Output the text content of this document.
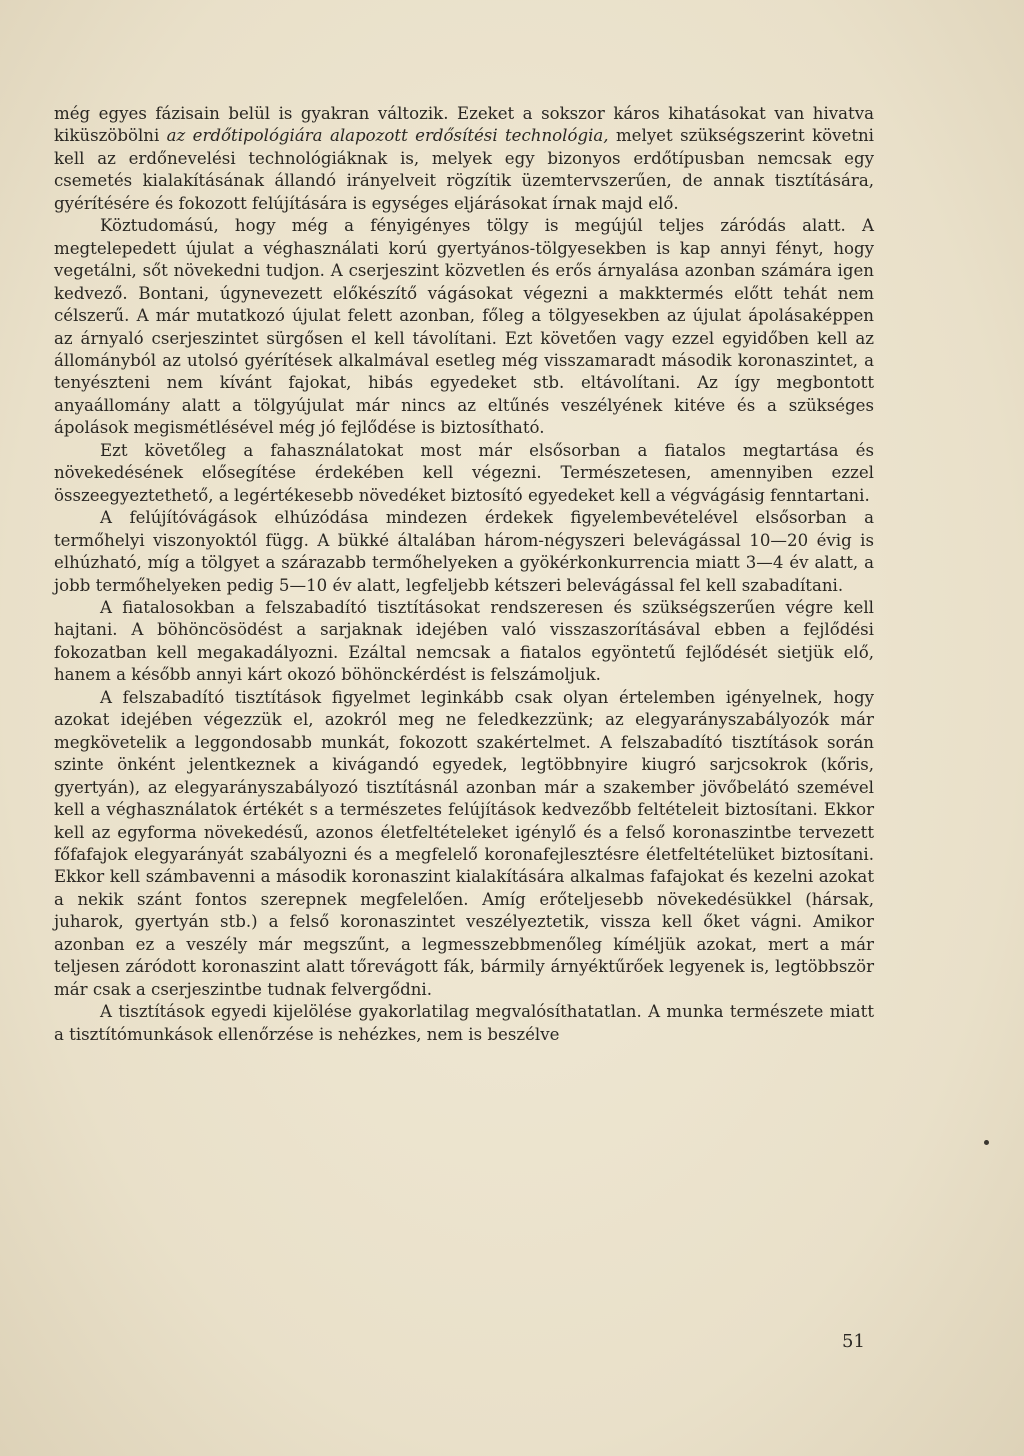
még egyes fázisain belül is gyakran változik. Ezeket a sokszor káros kihatásokat van hivatva kiküszöbölni az erdőtipológiára alapozott erdősítési technológia, melyet szükségszerint követni kell az erdőnevelési technológiáknak is, melyek egy bizonyos erdőtípusban nemcsak egy csemetés kialakításának állandó irányelveit rögzítik üzemtervszerűen, de annak tisztítására, gyérítésére és fokozott felújítására is egységes eljárásokat írnak majd elő.

Köztudomású, hogy még a fényigényes tölgy is megújúl teljes záródás alatt. A megtelepedett újulat a véghasználati korú gyertyános-tölgyesekben is kap annyi fényt, hogy vegetálni, sőt növekedni tudjon. A cserjeszint közvetlen és erős árnyalása azonban számára igen kedvező. Bontani, úgynevezett előkészítő vágásokat végezni a makktermés előtt tehát nem célszerű. A már mutatkozó újulat felett azonban, főleg a tölgyesekben az újulat ápolásaképpen az árnyaló cserjeszintet sürgősen el kell távolítani. Ezt követően vagy ezzel egyidőben kell az állományból az utolsó gyérítések alkalmával esetleg még visszamaradt második koronaszintet, a tenyészteni nem kívánt fajokat, hibás egyedeket stb. eltávolítani. Az így megbontott anyaállomány alatt a tölgyújulat már nincs az eltűnés veszélyének kitéve és a szükséges ápolások megismétlésével még jó fejlődése is biztosítható.

Ezt követőleg a fahasználatokat most már elsősorban a fiatalos megtartása és növekedésének elősegítése érdekében kell végezni. Természetesen, amennyiben ezzel összeegyeztethető, a legértékesebb növedéket biztosító egyedeket kell a végvágásig fenntartani.

A felújítóvágások elhúzódása mindezen érdekek figyelembevételével elsősorban a termőhelyi viszonyoktól függ. A bükké általában három-négyszeri belevágással 10—20 évig is elhúzható, míg a tölgyet a szárazabb termőhelyeken a gyökérkonkurrencia miatt 3—4 év alatt, a jobb termőhelyeken pedig 5—10 év alatt, legfeljebb kétszeri belevágással fel kell szabadítani.

A fiatalosokban a felszabadító tisztításokat rendszeresen és szükségszerűen végre kell hajtani. A böhöncösödést a sarjaknak idejében való visszaszorításával ebben a fejlődési fokozatban kell megakadályozni. Ezáltal nemcsak a fiatalos egyöntetű fejlődését sietjük elő, hanem a később annyi kárt okozó böhönckérdést is felszámoljuk.

A felszabadító tisztítások figyelmet leginkább csak olyan értelemben igényelnek, hogy azokat idejében végezzük el, azokról meg ne feledkezzünk; az elegyarányszabályozók már megkövetelik a leggondosabb munkát, fokozott szakértelmet. A felszabadító tisztítások során szinte önként jelentkeznek a kivágandó egyedek, legtöbbnyire kiugró sarjcsokrok (kőris, gyertyán), az elegyarányszabályozó tisztításnál azonban már a szakember jövőbelátó szemével kell a véghasználatok értékét s a természetes felújítások kedvezőbb feltételeit biztosítani. Ekkor kell az egyforma növekedésű, azonos életfeltételeket igénylő és a felső koronaszintbe tervezett főfafajok elegyarányát szabályozni és a megfelelő koronafejlesztésre életfeltételüket biztosítani. Ekkor kell számbavenni a második koronaszint kialakítására alkalmas fafajokat és kezelni azokat a nekik szánt fontos szerepnek megfelelően. Amíg erőteljesebb növekedésükkel (hársak, juharok, gyertyán stb.) a felső koronaszintet veszélyeztetik, vissza kell őket vágni. Amikor azonban ez a veszély már megszűnt, a legmesszebbmenőleg kíméljük azokat, mert a már teljesen záródott koronaszint alatt tőrevágott fák, bármily árnyéktűrőek legyenek is, legtöbbször már csak a cserjeszintbe tudnak felvergődni.

A tisztítások egyedi kijelölése gyakorlatilag megvalósíthatatlan. A munka természete miatt a tisztítómunkások ellenőrzése is nehézkes, nem is beszélve

51
